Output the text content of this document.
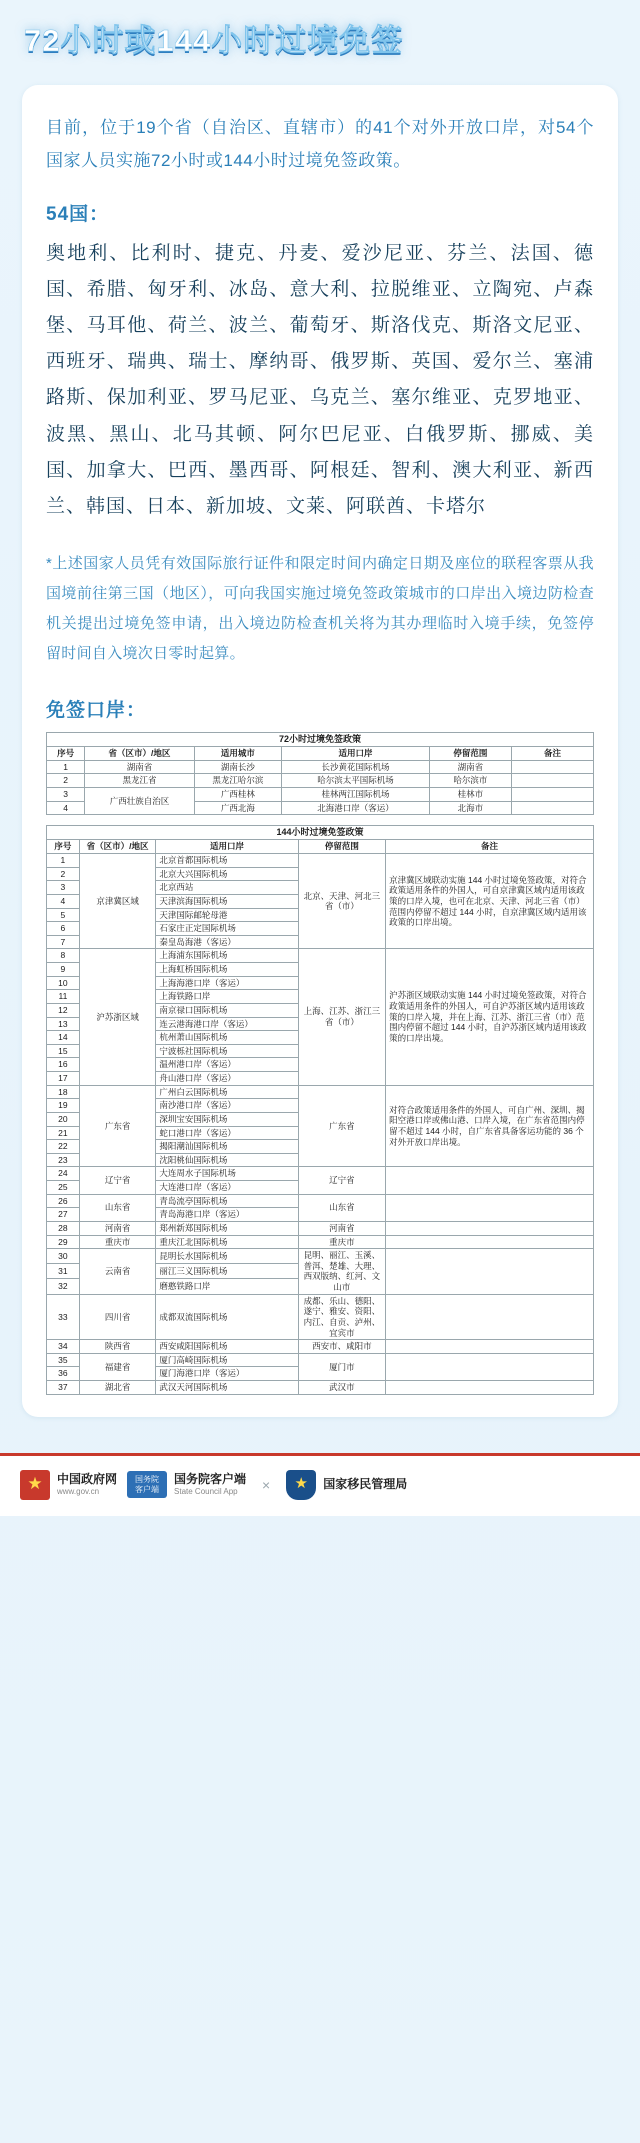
72小时或144小时过境免签
目前，位于19个省（自治区、直辖市）的41个对外开放口岸，对54个国家人员实施72小时或144小时过境免签政策。
54国：
奥地利、比利时、捷克、丹麦、爱沙尼亚、芬兰、法国、德国、希腊、匈牙利、冰岛、意大利、拉脱维亚、立陶宛、卢森堡、马耳他、荷兰、波兰、葡萄牙、斯洛伐克、斯洛文尼亚、西班牙、瑞典、瑞士、摩纳哥、俄罗斯、英国、爱尔兰、塞浦路斯、保加利亚、罗马尼亚、乌克兰、塞尔维亚、克罗地亚、波黑、黑山、北马其顿、阿尔巴尼亚、白俄罗斯、挪威、美国、加拿大、巴西、墨西哥、阿根廷、智利、澳大利亚、新西兰、韩国、日本、新加坡、文莱、阿联酋、卡塔尔
*上述国家人员凭有效国际旅行证件和限定时间内确定日期及座位的联程客票从我国境前往第三国（地区），可向我国实施过境免签政策城市的口岸出入境边防检查机关提出过境免签申请，出入境边防检查机关将为其办理临时入境手续，免签停留时间自入境次日零时起算。
免签口岸：
72小时过境免签政策					
序号	省（区市）/地区	适用城市	适用口岸	停留范围	备注
1	湖南省	湖南长沙	长沙黄花国际机场	湖南省	
2	黑龙江省	黑龙江哈尔滨	哈尔滨太平国际机场	哈尔滨市	
3	广西壮族自治区	广西桂林	桂林两江国际机场	桂林市	
4		广西北海	北海港口岸（客运）	北海市	
144小时过境免签政策				
序号	省（区市）/地区	适用口岸	停留范围	备注
1	京津冀区域	北京首都国际机场	北京、天津、河北三省（市）	京津冀区域联动实施 144 小时过境免签政策，对符合政策适用条件的外国人，可自京津冀区域内适用该政策的口岸入境，也可在北京、天津、河北三省（市）范围内停留不超过 144 小时，自京津冀区域内适用该政策的口岸出境。
2		北京大兴国际机场		
3		北京西站		
4		天津滨海国际机场		
5		天津国际邮轮母港		
6		石家庄正定国际机场		
7		秦皇岛海港（客运）		
8	沪苏浙区域	上海浦东国际机场	上海、江苏、浙江三省（市）	沪苏浙区域联动实施 144 小时过境免签政策，对符合政策适用条件的外国人，可自沪苏浙区域内适用该政策的口岸入境，并在上海、江苏、浙江三省（市）范围内停留不超过 144 小时，自沪苏浙区域内适用该政策的口岸出境。
9		上海虹桥国际机场		
10		上海海港口岸（客运）		
11		上海铁路口岸		
12		南京禄口国际机场		
13		连云港海港口岸（客运）		
14		杭州萧山国际机场		
15		宁波栎社国际机场		
16		温州港口岸（客运）		
17		舟山港口岸（客运）		
18	广东省	广州白云国际机场	广东省	对符合政策适用条件的外国人，可自广州、深圳、揭阳空港口岸或佛山港、口岸入境，在广东省范围内停留不超过 144 小时，自广东省具备客运功能的 36 个对外开放口岸出境。
19		南沙港口岸（客运）		
20		深圳宝安国际机场		
21		蛇口港口岸（客运）		
22		揭阳潮汕国际机场		
23		沈阳桃仙国际机场		
24	辽宁省	大连周水子国际机场	辽宁省	
25		大连港口岸（客运）		
26	山东省	青岛流亭国际机场	山东省	
27		青岛海港口岸（客运）		
28	河南省	郑州新郑国际机场	河南省	
29	重庆市	重庆江北国际机场	重庆市	
30	云南省	昆明长水国际机场	昆明、丽江、玉溪、普洱、楚雄、大理、西双版纳、红河、文山市	
31		丽江三义国际机场		
32		磨憨铁路口岸		
33	四川省	成都双流国际机场	成都、乐山、德阳、遂宁、雅安、资阳、内江、自贡、泸州、宜宾市	
34	陕西省	西安咸阳国际机场	西安市、咸阳市	
35	福建省	厦门高崎国际机场	厦门市	
36		厦门海港口岸（客运）		
37	湖北省	武汉天河国际机场	武汉市	
★
中国政府网
www.gov.cn
国务院客户端
国务院客户端
State Council App	× ★	国家移民管理局
